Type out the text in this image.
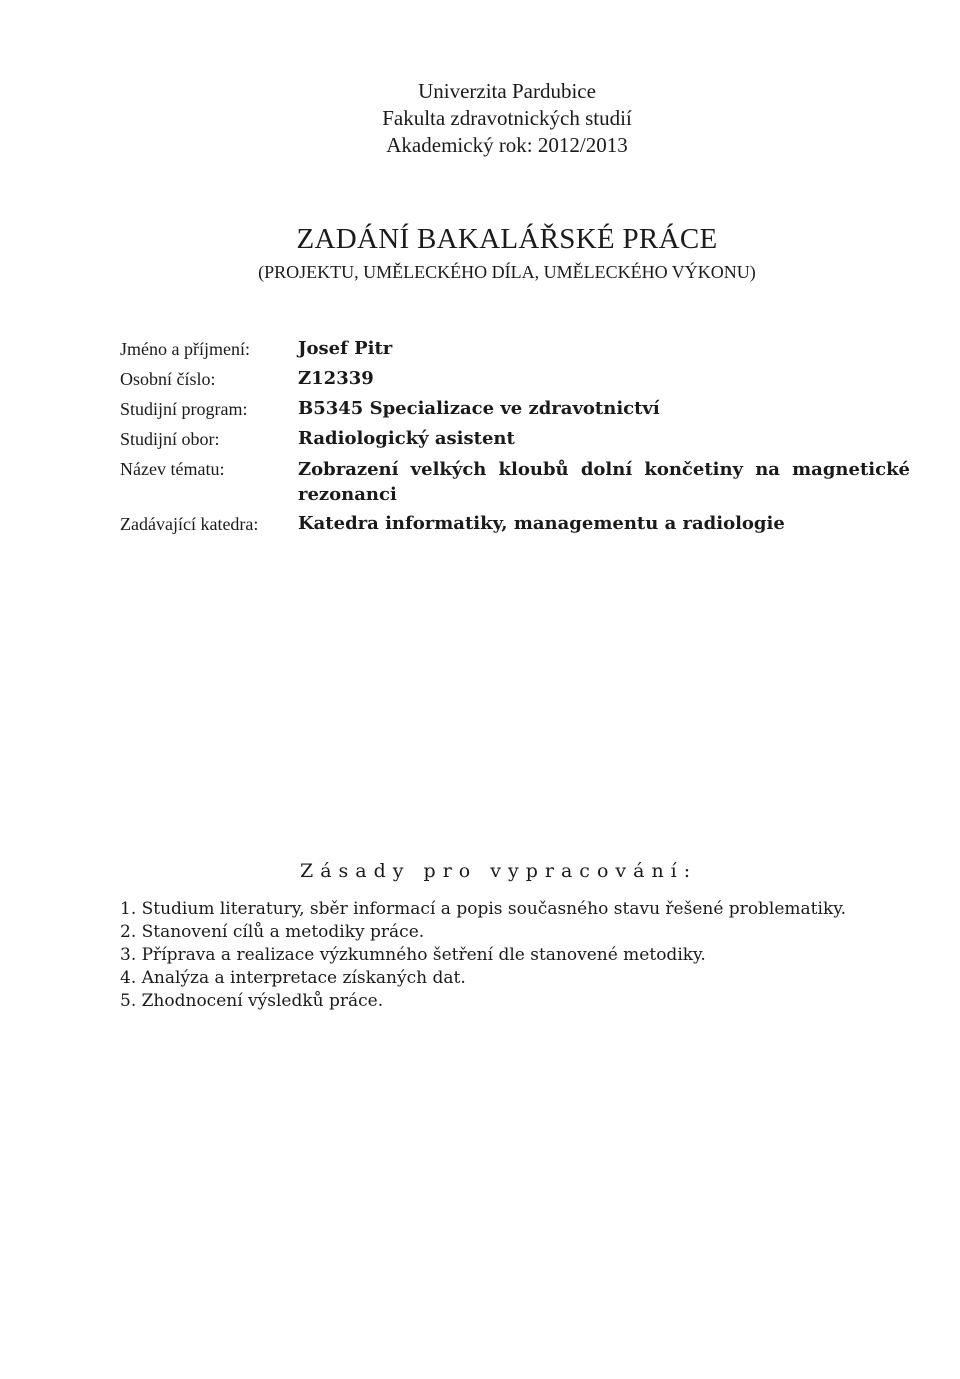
Univerzita Pardubice
Fakulta zdravotnických studií
Akademický rok: 2012/2013
ZADÁNÍ BAKALÁŘSKÉ PRÁCE
(PROJEKTU, UMĚLECKÉHO DÍLA, UMĚLECKÉHO VÝKONU)
Jméno a příjmení:	Josef Pitr
Osobní číslo:	Z12339
Studijní program:	B5345 Specializace ve zdravotnictví
Studijní obor:	Radiologický asistent
Název tématu:	Zobrazení velkých kloubů dolní končetiny na magnetické rezonanci
Zadávající katedra:	Katedra informatiky, managementu a radiologie
Zásady pro vypracování:
1. Studium literatury, sběr informací a popis současného stavu řešené problematiky.
2. Stanovení cílů a metodiky práce.
3. Příprava a realizace výzkumného šetření dle stanovené metodiky.
4. Analýza a interpretace získaných dat.
5. Zhodnocení výsledků práce.
